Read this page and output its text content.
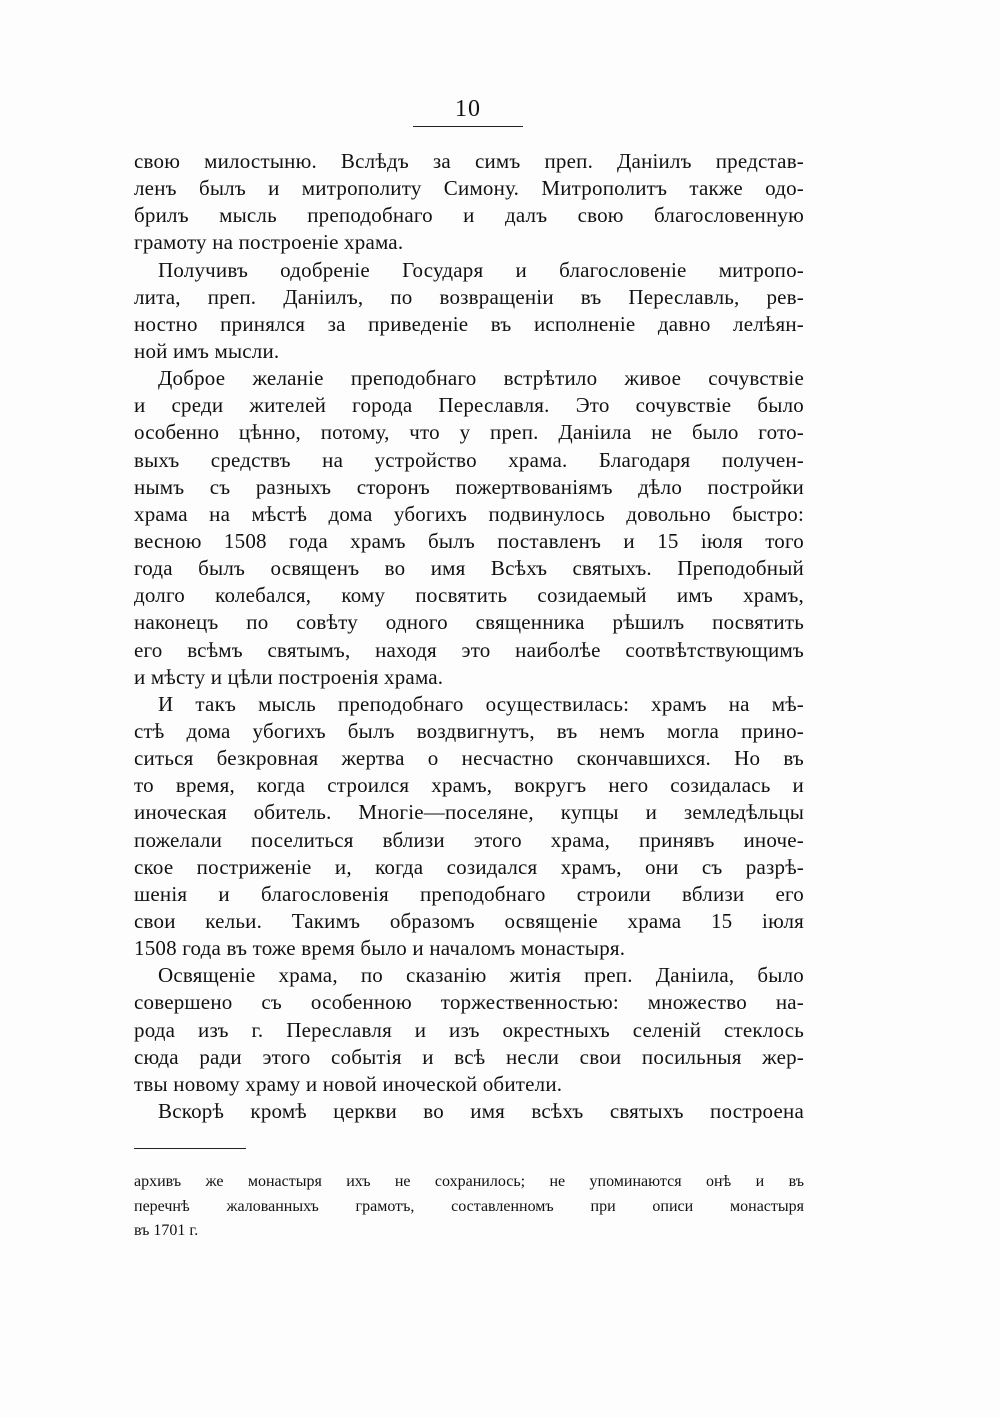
10
свою милостыню. Вслѣдъ за симъ преп. Даніилъ представ-
ленъ былъ и митрополиту Симону. Митрополитъ также одо-
брилъ мысль преподобнаго и далъ свою благословенную
грамоту на построеніе храма.
Получивъ одобреніе Государя и благословеніе митропо-
лита, преп. Даніилъ, по возвращеніи въ Переславль, рев-
ностно принялся за приведеніе въ исполненіе давно лелѣян-
ной имъ мысли.
Доброе желаніе преподобнаго встрѣтило живое сочувствіе
и среди жителей города Переславля. Это сочувствіе было
особенно цѣнно, потому, что у преп. Даніила не было гото-
выхъ средствъ на устройство храма. Благодаря получен-
нымъ съ разныхъ сторонъ пожертвованіямъ дѣло постройки
храма на мѣстѣ дома убогихъ подвинулось довольно быстро:
весною 1508 года храмъ былъ поставленъ и 15 іюля того
года былъ освященъ во имя Всѣхъ святыхъ. Преподобный
долго колебался, кому посвятить созидаемый имъ храмъ,
наконецъ по совѣту одного священника рѣшилъ посвятить
его всѣмъ святымъ, находя это наиболѣе соотвѣтствующимъ
и мѣсту и цѣли построенія храма.
И такъ мысль преподобнаго осуществилась: храмъ на мѣ-
стѣ дома убогихъ былъ воздвигнутъ, въ немъ могла прино-
ситься безкровная жертва о несчастно скончавшихся. Но въ
то время, когда строился храмъ, вокругъ него созидалась и
иноческая обитель. Многіе—поселяне, купцы и земледѣльцы
пожелали поселиться вблизи этого храма, принявъ иноче-
ское постриженіе и, когда созидался храмъ, они съ разрѣ-
шенія и благословенія преподобнаго строили вблизи его
свои кельи. Такимъ образомъ освященіе храма 15 іюля
1508 года въ тоже время было и началомъ монастыря.
Освященіе храма, по сказанію житія преп. Даніила, было
совершено съ особенною торжественностью: множество на-
рода изъ г. Переславля и изъ окрестныхъ селеній стеклось
сюда ради этого событія и всѣ несли свои посильныя жер-
твы новому храму и новой иноческой обители.
Вскорѣ кромѣ церкви во имя всѣхъ святыхъ построена
архивъ же монастыря ихъ не сохранилось; не упоминаются онѣ и въ
перечнѣ жалованныхъ грамотъ, составленномъ при описи монастыря
въ 1701 г.
